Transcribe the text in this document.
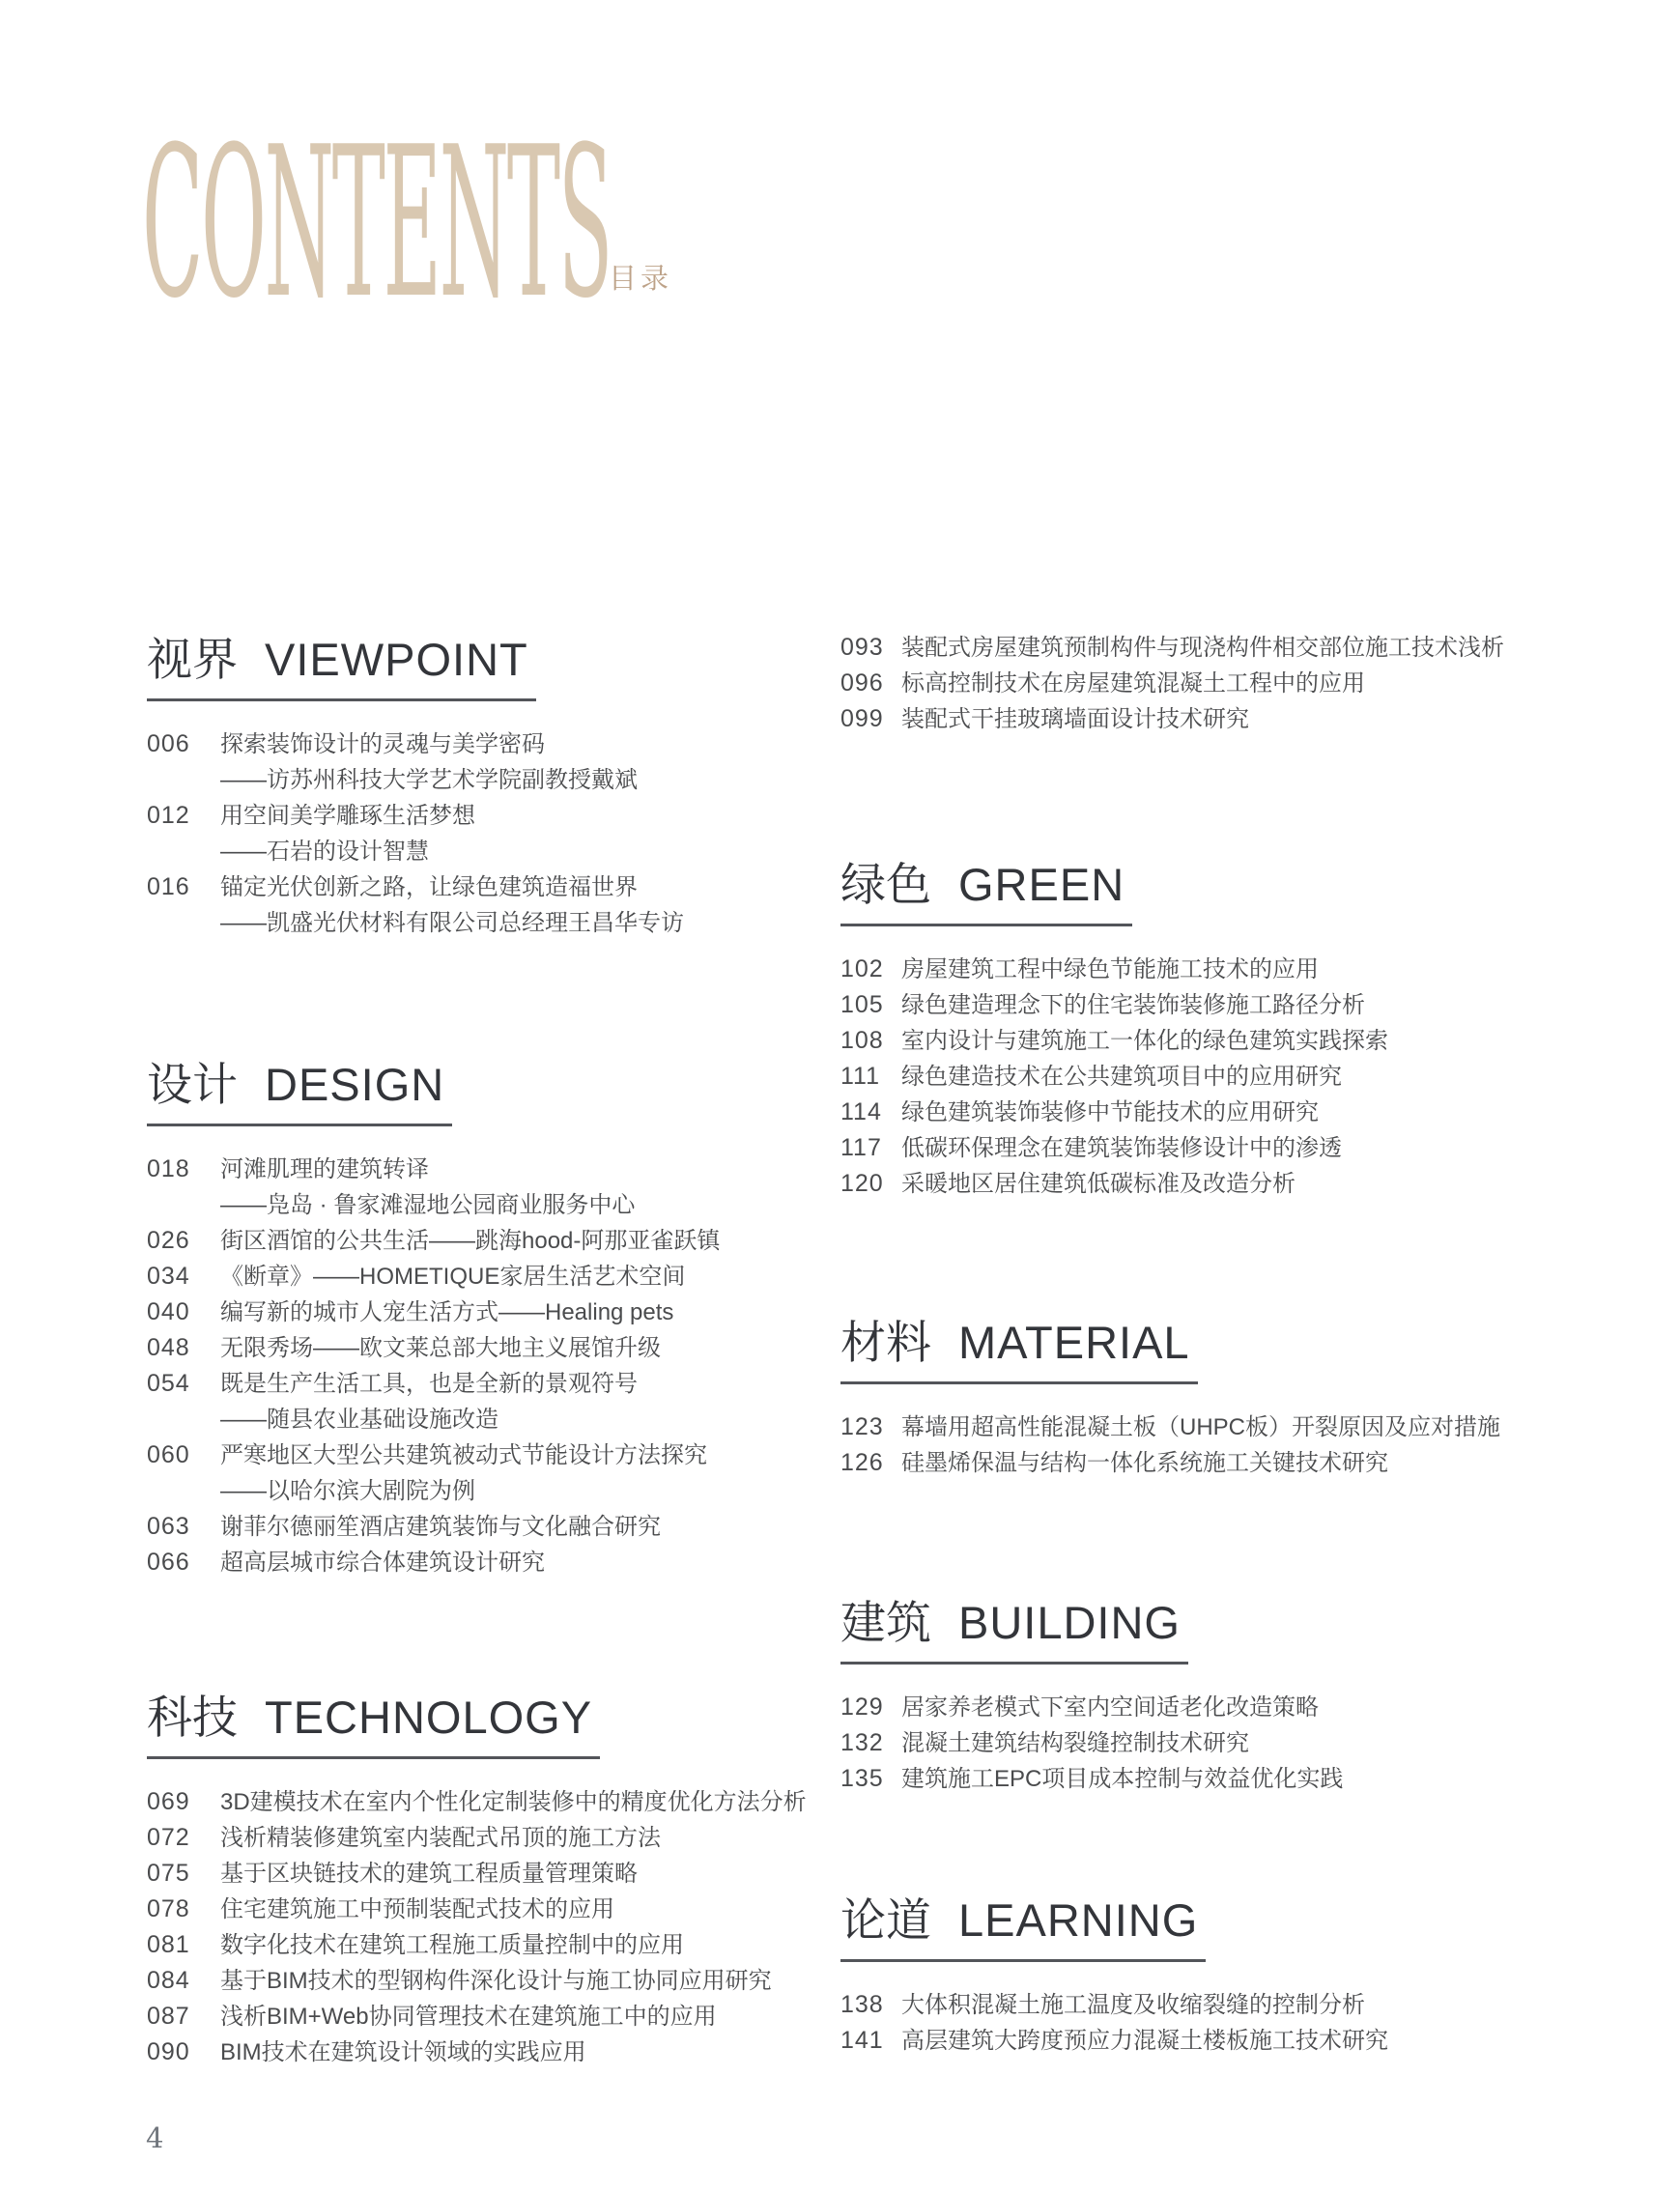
CONTENTS
目录
视界 VIEWPOINT
006	探索装饰设计的灵魂与美学密码
——访苏州科技大学艺术学院副教授戴斌
012	用空间美学雕琢生活梦想
——石岩的设计智慧
016	锚定光伏创新之路，让绿色建筑造福世界
——凯盛光伏材料有限公司总经理王昌华专访
设计 DESIGN
018	河滩肌理的建筑转译
——凫岛 · 鲁家滩湿地公园商业服务中心
026	街区酒馆的公共生活——跳海hood-阿那亚雀跃镇
034	《断章》——HOMETIQUE家居生活艺术空间
040	编写新的城市人宠生活方式——Healing pets
048	无限秀场——欧文莱总部大地主义展馆升级
054	既是生产生活工具，也是全新的景观符号
——随县农业基础设施改造
060	严寒地区大型公共建筑被动式节能设计方法探究
——以哈尔滨大剧院为例
063	谢菲尔德丽笙酒店建筑装饰与文化融合研究
066	超高层城市综合体建筑设计研究
科技 TECHNOLOGY
069	3D建模技术在室内个性化定制装修中的精度优化方法分析
072	浅析精装修建筑室内装配式吊顶的施工方法
075	基于区块链技术的建筑工程质量管理策略
078	住宅建筑施工中预制装配式技术的应用
081	数字化技术在建筑工程施工质量控制中的应用
084	基于BIM技术的型钢构件深化设计与施工协同应用研究
087	浅析BIM+Web协同管理技术在建筑施工中的应用
090	BIM技术在建筑设计领域的实践应用
093 装配式房屋建筑预制构件与现浇构件相交部位施工技术浅析
096 标高控制技术在房屋建筑混凝土工程中的应用
099 装配式干挂玻璃墙面设计技术研究
绿色 GREEN
102 房屋建筑工程中绿色节能施工技术的应用
105 绿色建造理念下的住宅装饰装修施工路径分析
108 室内设计与建筑施工一体化的绿色建筑实践探索
111 绿色建造技术在公共建筑项目中的应用研究
114 绿色建筑装饰装修中节能技术的应用研究
117 低碳环保理念在建筑装饰装修设计中的渗透
120 采暖地区居住建筑低碳标准及改造分析
材料 MATERIAL
123 幕墙用超高性能混凝土板（UHPC板）开裂原因及应对措施
126 硅墨烯保温与结构一体化系统施工关键技术研究
建筑 BUILDING
129 居家养老模式下室内空间适老化改造策略
132 混凝土建筑结构裂缝控制技术研究
135 建筑施工EPC项目成本控制与效益优化实践
论道 LEARNING
138 大体积混凝土施工温度及收缩裂缝的控制分析
141 高层建筑大跨度预应力混凝土楼板施工技术研究
4
